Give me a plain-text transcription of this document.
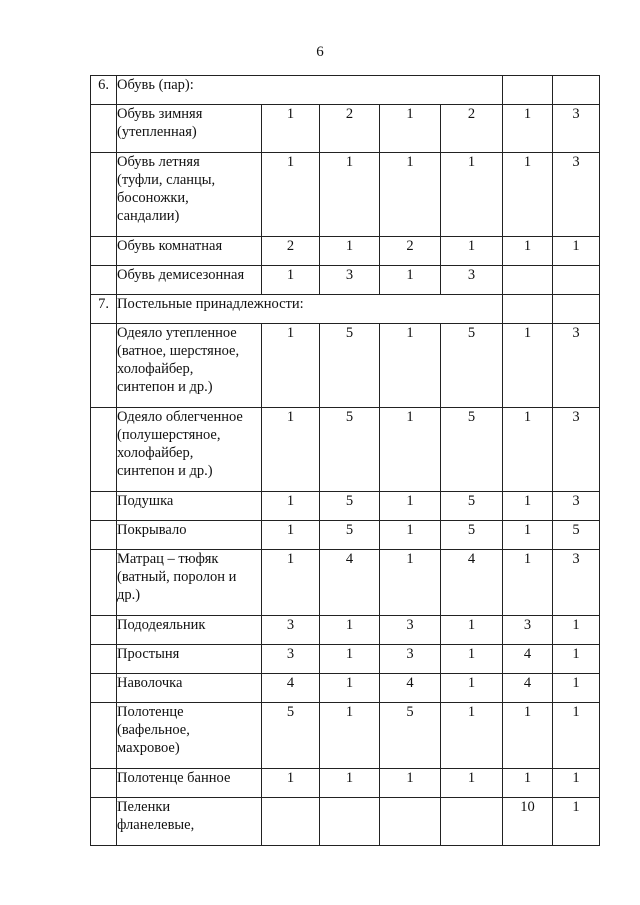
6
6.	Обувь (пар):						

	Обувь зимняя
(утепленная)	1	2	1	2	1	3

	Обувь летняя
(туфли, сланцы,
босоножки,
сандалии)	1	1	1	1	1	3

	Обувь комнатная	2	1	2	1	1	1

	Обувь демисезонная	1	3	1	3		
7.	Постельные принадлежности:						

	Одеяло утепленное
(ватное, шерстяное,
холофайбер,
синтепон и др.)	1	5	1	5	1	3

	Одеяло облегченное
(полушерстяное,
холофайбер,
синтепон и др.)	1	5	1	5	1	3

	Подушка	1	5	1	5	1	3

	Покрывало	1	5	1	5	1	5

	Матрац – тюфяк
(ватный, поролон и
др.)	1	4	1	4	1	3

	Пододеяльник	3	1	3	1	3	1

	Простыня	3	1	3	1	4	1

	Наволочка	4	1	4	1	4	1

	Полотенце
(вафельное,
махровое)	5	1	5	1	1	1

	Полотенце банное	1	1	1	1	1	1

	Пеленки
фланелевые,					10	1
